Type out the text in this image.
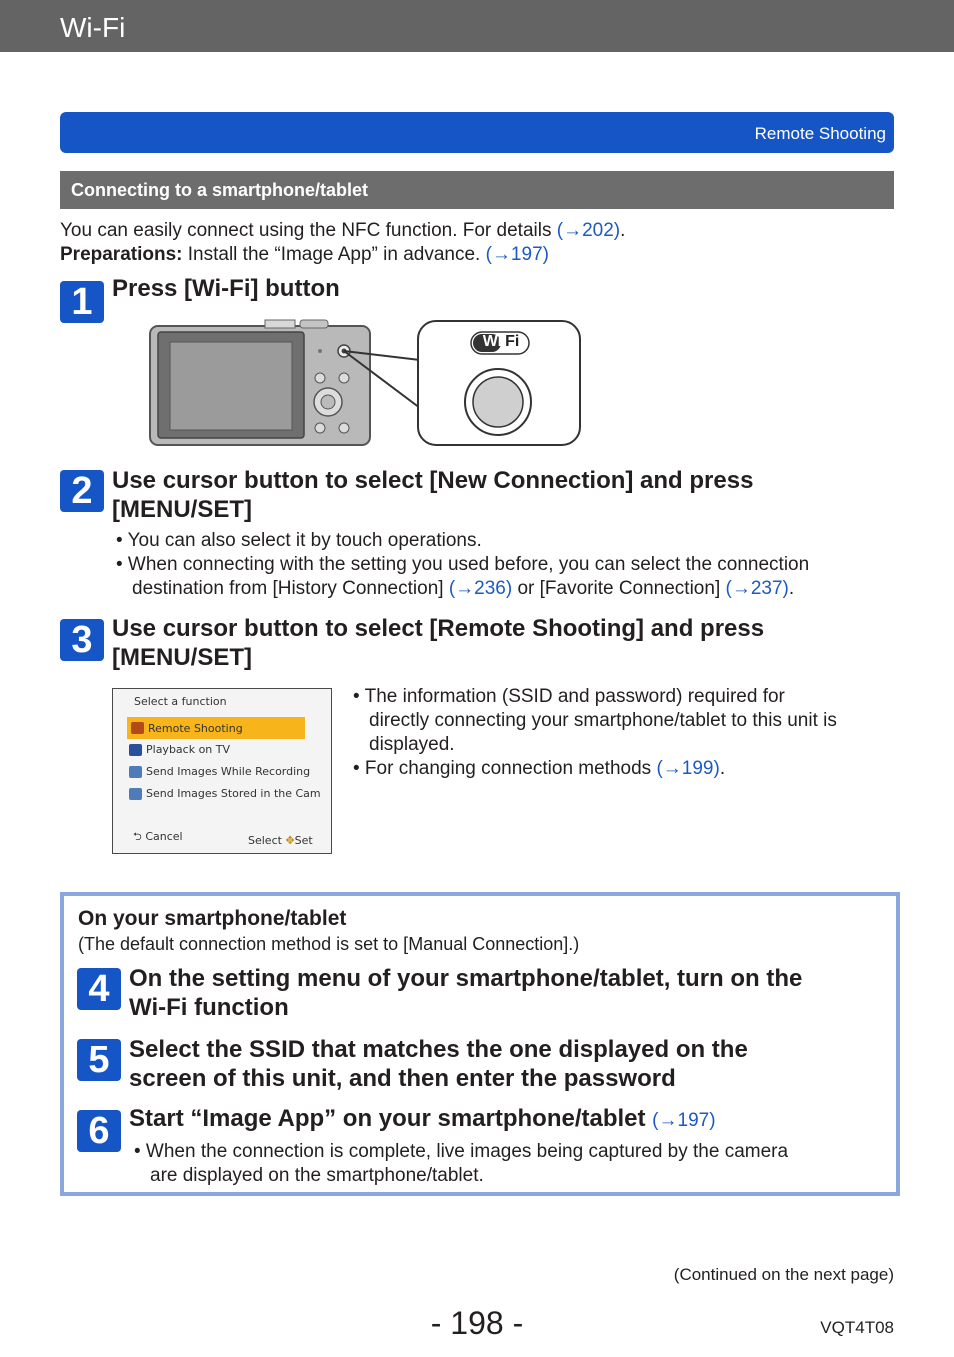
Wi-Fi
Remote Shooting
Connecting to a smartphone/tablet
You can easily connect using the NFC function. For details (→202).
Preparations: Install the “Image App” in advance. (→197)
1 Press [Wi-Fi] button
Wi Fi
2 Use cursor button to select [New Connection] and press
[MENU/SET]
• You can also select it by touch operations.
• When connecting with the setting you used before, you can select the connection
destination from [History Connection] (→236) or [Favorite Connection] (→237).
3 Use cursor button to select [Remote Shooting] and press
[MENU/SET]
Select a function
Remote Shooting
Playback on TV
Send Images While Recording
Send Images Stored in the Cam
⮌ Cancel	Select ✥Set
• The information (SSID and password) required for
directly connecting your smartphone/tablet to this unit is
displayed.
• For changing connection methods (→199).
On your smartphone/tablet
(The default connection method is set to [Manual Connection].)
4 On the setting menu of your smartphone/tablet, turn on the
Wi-Fi function
5 Select the SSID that matches the one displayed on the
screen of this unit, and then enter the password
6 Start “Image App” on your smartphone/tablet (→197)
• When the connection is complete, live images being captured by the camera
are displayed on the smartphone/tablet.
(Continued on the next page)
- 198 -	VQT4T08
